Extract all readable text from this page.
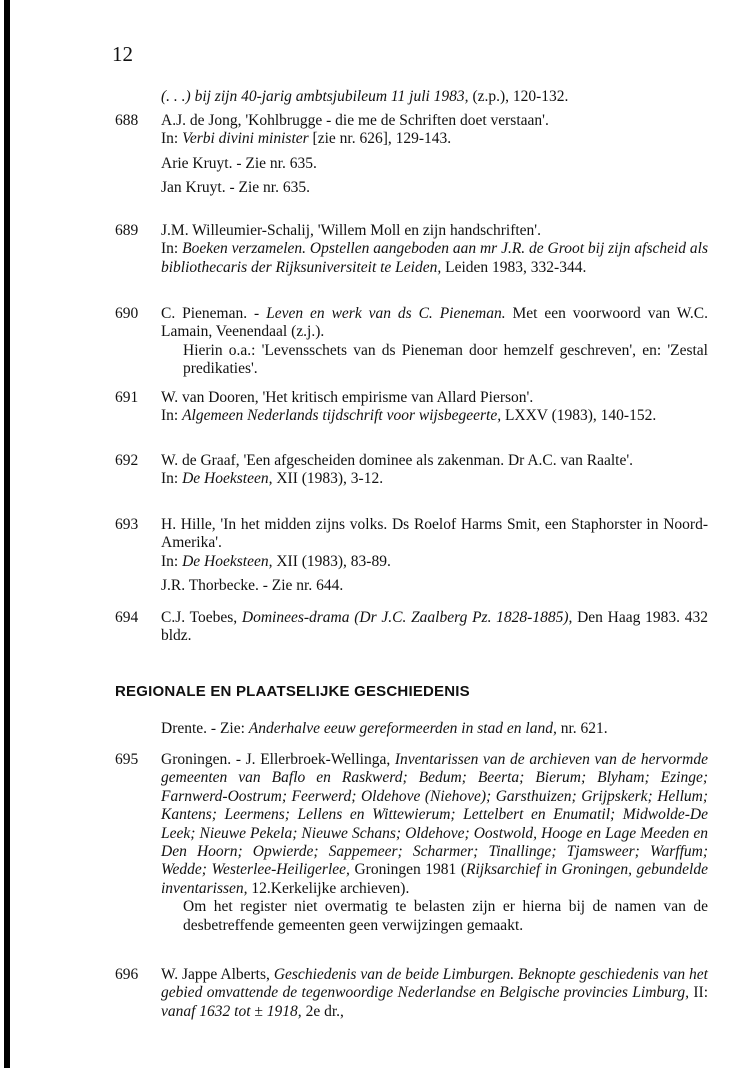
12
(. . .) bij zijn 40-jarig ambtsjubileum 11 juli 1983, (z.p.), 120-132.
688	A.J. de Jong, 'Kohlbrugge - die me de Schriften doet verstaan'.
In: Verbi divini minister [zie nr. 626], 129-143.
Arie Kruyt. - Zie nr. 635.
Jan Kruyt. - Zie nr. 635.
689	J.M. Willeumier-Schalij, 'Willem Moll en zijn handschriften'.
In: Boeken verzamelen. Opstellen aangeboden aan mr J.R. de Groot bij zijn afscheid als bibliothecaris der Rijksuniversiteit te Leiden, Leiden 1983, 332-344.
690	C. Pieneman. - Leven en werk van ds C. Pieneman. Met een voorwoord van W.C. Lamain, Veenendaal (z.j.).
Hierin o.a.: 'Levensschets van ds Pieneman door hemzelf geschreven', en: 'Zestal predikaties'.
691	W. van Dooren, 'Het kritisch empirisme van Allard Pierson'.
In: Algemeen Nederlands tijdschrift voor wijsbegeerte, LXXV (1983), 140-152.
692	W. de Graaf, 'Een afgescheiden dominee als zakenman. Dr A.C. van Raalte'.
In: De Hoeksteen, XII (1983), 3-12.
693	H. Hille, 'In het midden zijns volks. Ds Roelof Harms Smit, een Staphorster in Noord-Amerika'.
In: De Hoeksteen, XII (1983), 83-89.
J.R. Thorbecke. - Zie nr. 644.
694	C.J. Toebes, Dominees-drama (Dr J.C. Zaalberg Pz. 1828-1885), Den Haag 1983. 432 bldz.
REGIONALE EN PLAATSELIJKE GESCHIEDENIS
Drente. - Zie: Anderhalve eeuw gereformeerden in stad en land, nr. 621.
695	Groningen. - J. Ellerbroek-Wellinga, Inventarissen van de archieven van de hervormde gemeenten van Baflo en Raskwerd; Bedum; Beerta; Bierum; Blyham; Ezinge; Farnwerd-Oostrum; Feerwerd; Oldehove (Niehove); Garsthuizen; Grijpskerk; Hellum; Kantens; Leermens; Lellens en Wittewierum; Lettelbert en Enumatil; Midwolde-De Leek; Nieuwe Pekela; Nieuwe Schans; Oldehove; Oostwold, Hooge en Lage Meeden en Den Hoorn; Opwierde; Sappemeer; Scharmer; Tinallinge; Tjamsweer; Warffum; Wedde; Westerlee-Heiligerlee, Groningen 1981 (Rijksarchief in Groningen, gebundelde inventarissen, 12.Kerkelijke archieven).
Om het register niet overmatig te belasten zijn er hierna bij de namen van de desbetreffende gemeenten geen verwijzingen gemaakt.
696	W. Jappe Alberts, Geschiedenis van de beide Limburgen. Beknopte geschiedenis van het gebied omvattende de tegenwoordige Nederlandse en Belgische provincies Limburg, II: vanaf 1632 tot ± 1918, 2e dr.,
